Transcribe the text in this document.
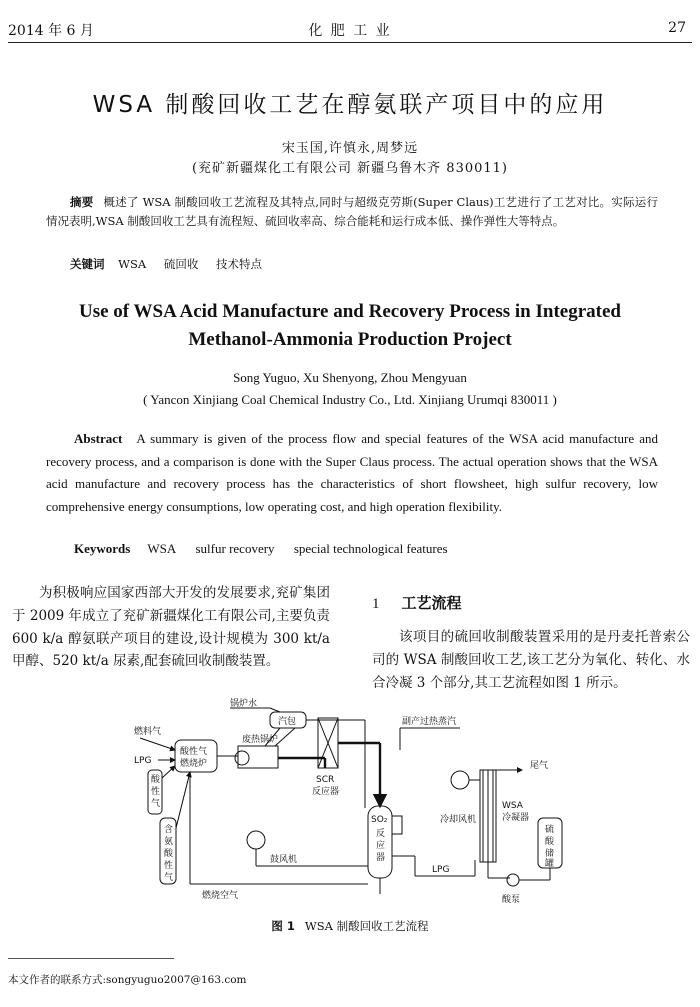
2014 年 6 月	化 肥 工 业	27
WSA 制酸回收工艺在醇氨联产项目中的应用
宋玉国,许慎永,周梦远
(兖矿新疆煤化工有限公司 新疆乌鲁木齐 830011)
摘要 概述了 WSA 制酸回收工艺流程及其特点,同时与超级克劳斯(Super Claus)工艺进行了工艺对比。实际运行情况表明,WSA 制酸回收工艺具有流程短、硫回收率高、综合能耗和运行成本低、操作弹性大等特点。
关键词 WSA 硫回收 技术特点
Use of WSA Acid Manufacture and Recovery Process in Integrated
Methanol-Ammonia Production Project
Song Yuguo, Xu Shenyong, Zhou Mengyuan
( Yancon Xinjiang Coal Chemical Industry Co., Ltd. Xinjiang Urumqi 830011 )
Abstract A summary is given of the process flow and special features of the WSA acid manufacture and recovery process, and a comparison is done with the Super Claus process. The actual operation shows that the WSA acid manufacture and recovery process has the characteristics of short flowsheet, high sulfur recovery, low comprehensive energy consumptions, low operating cost, and high operation flexibility.
Keywords WSA sulfur recovery special technological features
为积极响应国家西部大开发的发展要求,兖矿集团于 2009 年成立了兖矿新疆煤化工有限公司,主要负责 600 k/a 醇氨联产项目的建设,设计规模为 300 kt/a 甲醇、520 kt/a 尿素,配套硫回收制酸装置。
1 工艺流程
该项目的硫回收制酸装置采用的是丹麦托普索公司的 WSA 制酸回收工艺,该工艺分为氧化、转化、水合冷凝 3 个部分,其工艺流程如图 1 所示。
锅炉水
燃料气
LPG
酸性气
燃烧炉
酸
性
气
含
氨
酸
性
气
汽包
废热锅炉
SCR
反应器
副产过热蒸汽
尾气
SO₂
反
应
器
冷却风机
WSA
冷凝器
硫
酸
储
罐
鼓风机
LPG
燃烧空气	酸泵
图 1 WSA 制酸回收工艺流程
本文作者的联系方式:songyuguo2007@163.com
